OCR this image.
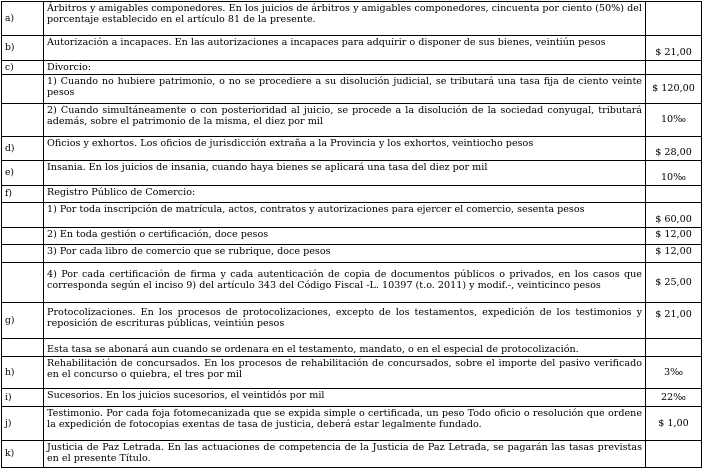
a)	Árbitros y amigables componedores. En los juicios de árbitros y amigables componedores, cincuenta por ciento (50%) del porcentaje establecido en el artículo 81 de la presente.	
b)	Autorización a incapaces. En las autorizaciones a incapaces para adquirir o disponer de sus bienes, veintiún pesos	$ 21,00
c)	Divorcio:	
	1) Cuando no hubiere patrimonio, o no se procediere a su disolución judicial, se tributará una tasa fija de ciento veinte pesos	$ 120,00
	2) Cuando simultáneamente o con posterioridad al juicio, se procede a la disolución de la sociedad conyugal, tributará además, sobre el patrimonio de la misma, el diez por mil	10‰
d)	Oficios y exhortos. Los oficios de jurisdicción extraña a la Provincia y los exhortos, veintiocho pesos	$ 28,00
e)	Insania. En los juicios de insania, cuando haya bienes se aplicará una tasa del diez por mil	10‰
f)	Registro Público de Comercio:	
	1) Por toda inscripción de matrícula, actos, contratos y autorizaciones para ejercer el comercio, sesenta pesos	$ 60,00
	2) En toda gestión o certificación, doce pesos	$ 12,00
	3) Por cada libro de comercio que se rubrique, doce pesos	$ 12,00
	4) Por cada certificación de firma y cada autenticación de copia de documentos públicos o privados, en los casos que corresponda según el inciso 9) del artículo 343 del Código Fiscal -L. 10397 (t.o. 2011) y modif.-, veinticinco pesos	$ 25,00
g)	Protocolizaciones. En los procesos de protocolizaciones, excepto de los testamentos, expedición de los testimonios y reposición de escrituras públicas, veintiún pesos	$ 21,00
	Esta tasa se abonará aun cuando se ordenara en el testamento, mandato, o en el especial de protocolización.	
h)	Rehabilitación de concursados. En los procesos de rehabilitación de concursados, sobre el importe del pasivo verificado en el concurso o quiebra, el tres por mil	3‰
i)	Sucesorios. En los juicios sucesorios, el veintidós por mil	22‰
j)	Testimonio. Por cada foja fotomecanizada que se expida simple o certificada, un peso Todo oficio o resolución que ordene la expedición de fotocopias exentas de tasa de justicia, deberá estar legalmente fundado.	$ 1,00
k)	Justicia de Paz Letrada. En las actuaciones de competencia de la Justicia de Paz Letrada, se pagarán las tasas previstas en el presente Título.	
